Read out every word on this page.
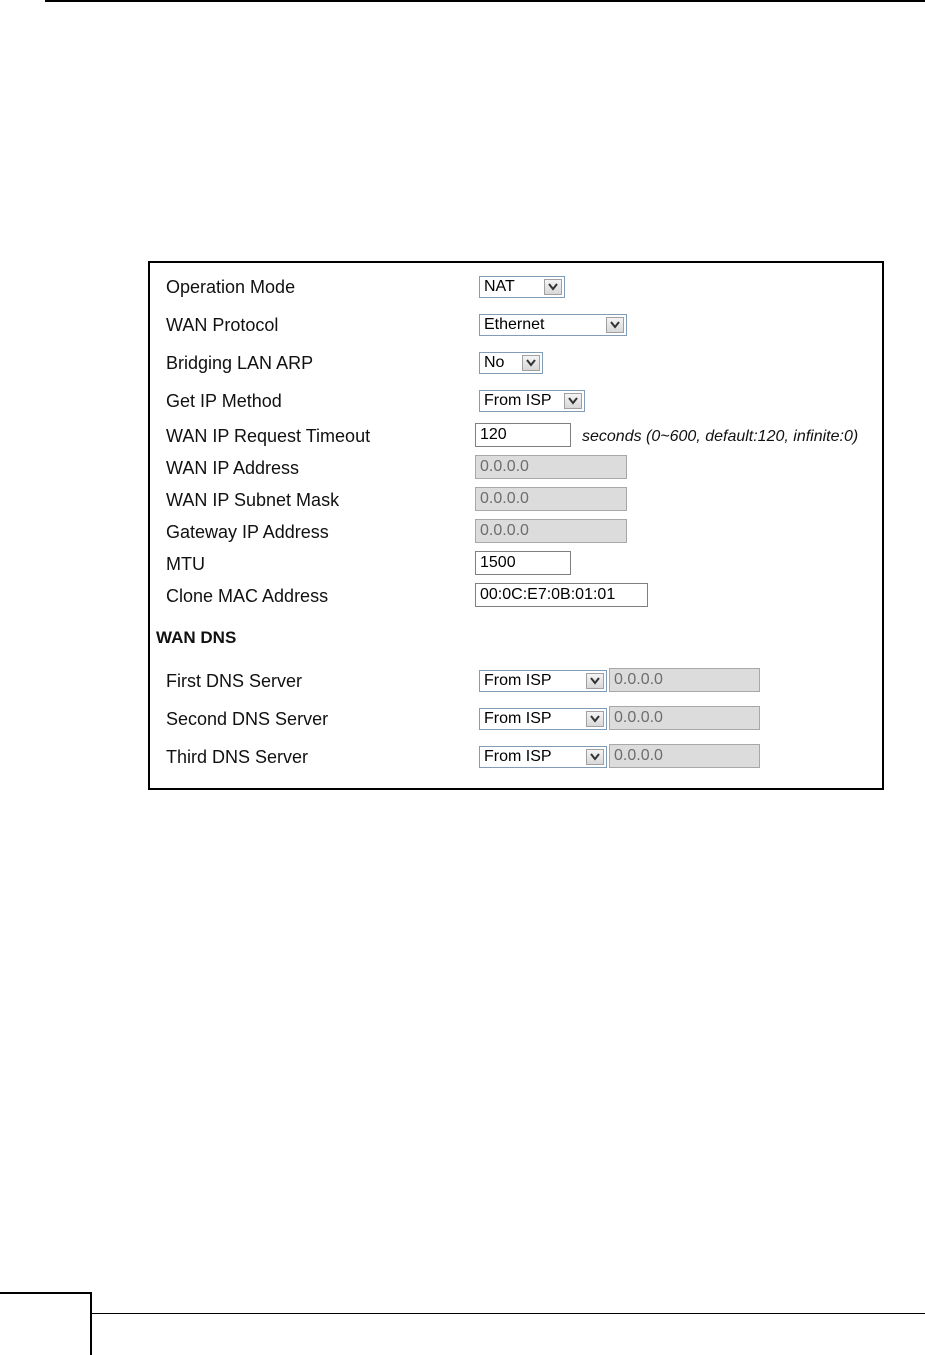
Operation Mode	NAT
WAN Protocol	Ethernet
Bridging LAN ARP	No
Get IP Method	From ISP
WAN IP Request Timeout	120	seconds (0~600, default:120, infinite:0)
WAN IP Address	0.0.0.0
WAN IP Subnet Mask	0.0.0.0
Gateway IP Address	0.0.0.0
MTU	1500
Clone MAC Address	00:0C:E7:0B:01:01
WAN DNS
First DNS Server	From ISP	0.0.0.0
Second DNS Server	From ISP	0.0.0.0
Third DNS Server	From ISP	0.0.0.0
